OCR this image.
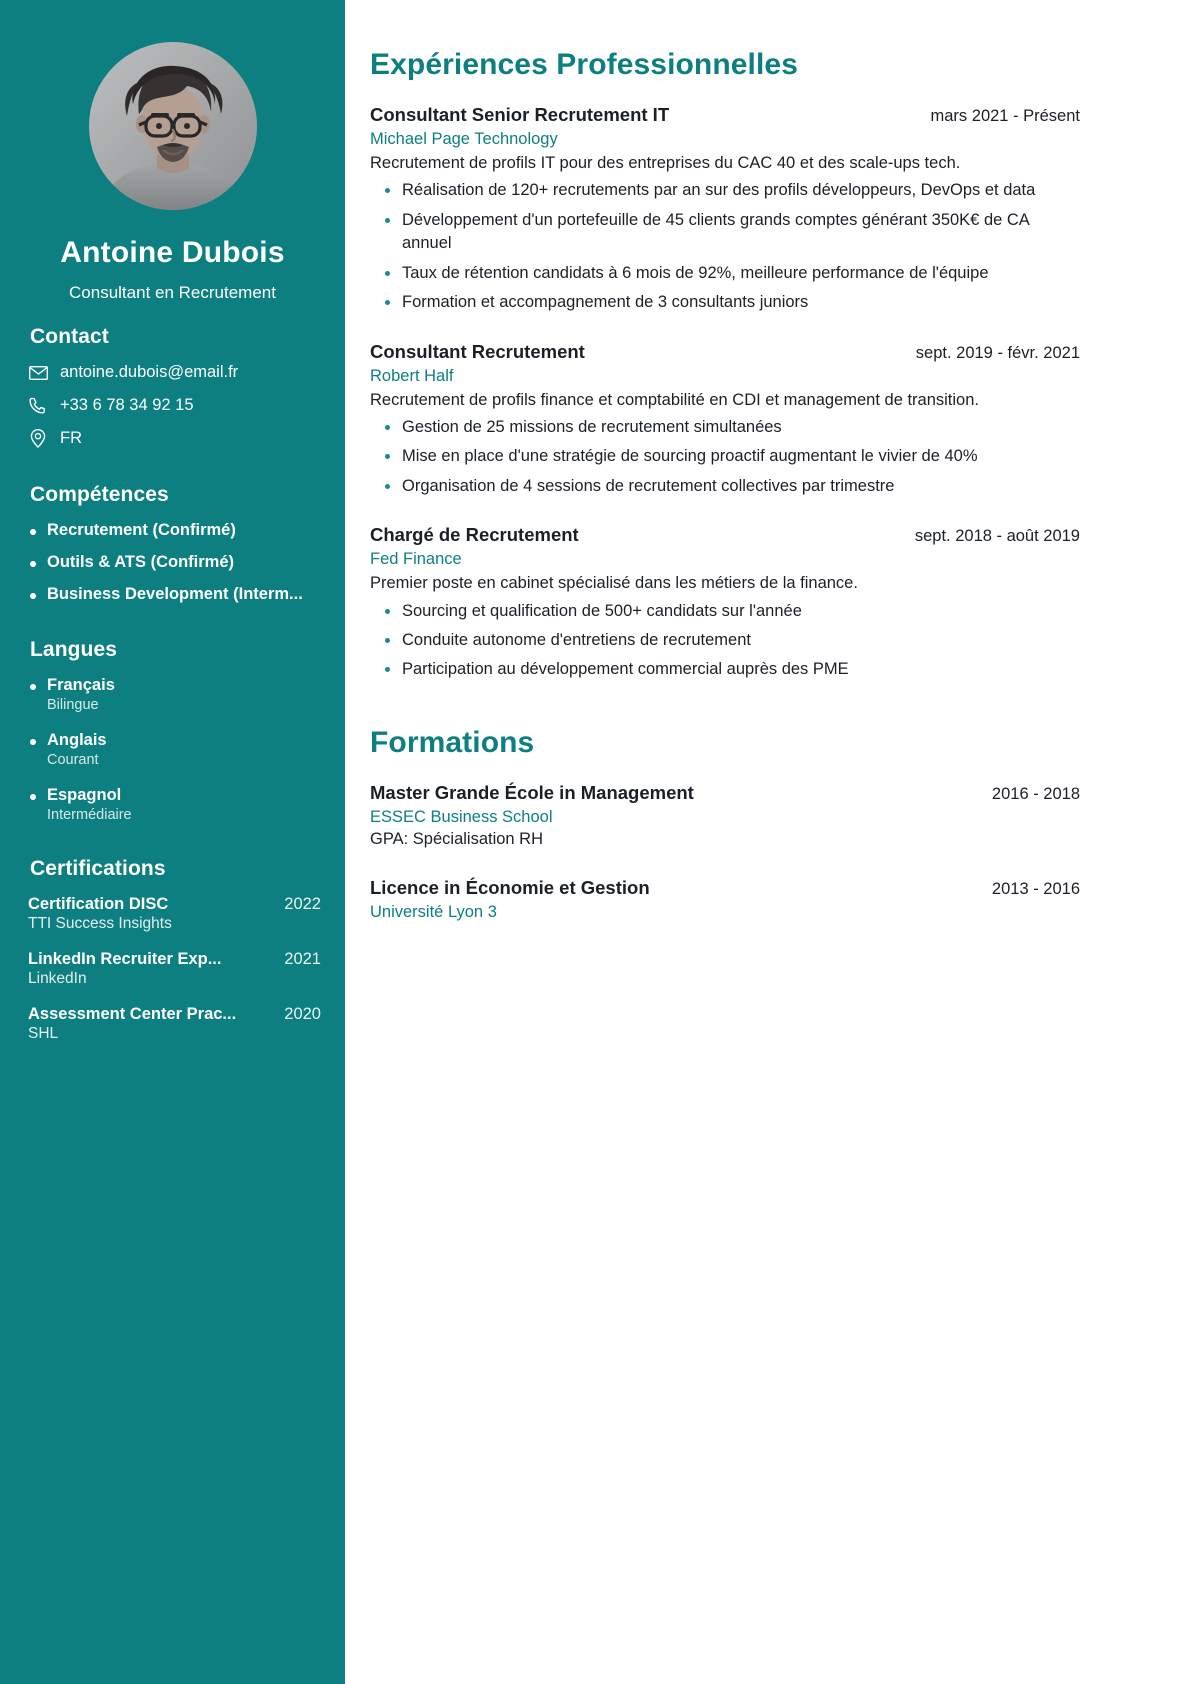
Antoine Dubois
Consultant en Recrutement
Contact
antoine.dubois@email.fr
+33 6 78 34 92 15
FR
Compétences
Recrutement (Confirmé)
Outils & ATS (Confirmé)
Business Development (Interm...
Langues
Français
Bilingue
Anglais
Courant
Espagnol
Intermédiaire
Certifications
Certification DISC	2022
TTI Success Insights
LinkedIn Recruiter Exp...	2021
LinkedIn
Assessment Center Prac...	2020
SHL
Expériences Professionnelles
Consultant Senior Recrutement IT	mars 2021 - Présent
Michael Page Technology
Recrutement de profils IT pour des entreprises du CAC 40 et des scale-ups tech.
Réalisation de 120+ recrutements par an sur des profils développeurs, DevOps et data
Développement d'un portefeuille de 45 clients grands comptes générant 350K€ de CA annuel
Taux de rétention candidats à 6 mois de 92%, meilleure performance de l'équipe
Formation et accompagnement de 3 consultants juniors
Consultant Recrutement	sept. 2019 - févr. 2021
Robert Half
Recrutement de profils finance et comptabilité en CDI et management de transition.
Gestion de 25 missions de recrutement simultanées
Mise en place d'une stratégie de sourcing proactif augmentant le vivier de 40%
Organisation de 4 sessions de recrutement collectives par trimestre
Chargé de Recrutement	sept. 2018 - août 2019
Fed Finance
Premier poste en cabinet spécialisé dans les métiers de la finance.
Sourcing et qualification de 500+ candidats sur l'année
Conduite autonome d'entretiens de recrutement
Participation au développement commercial auprès des PME
Formations
Master Grande École in Management	2016 - 2018
ESSEC Business School
GPA: Spécialisation RH
Licence in Économie et Gestion	2013 - 2016
Université Lyon 3
